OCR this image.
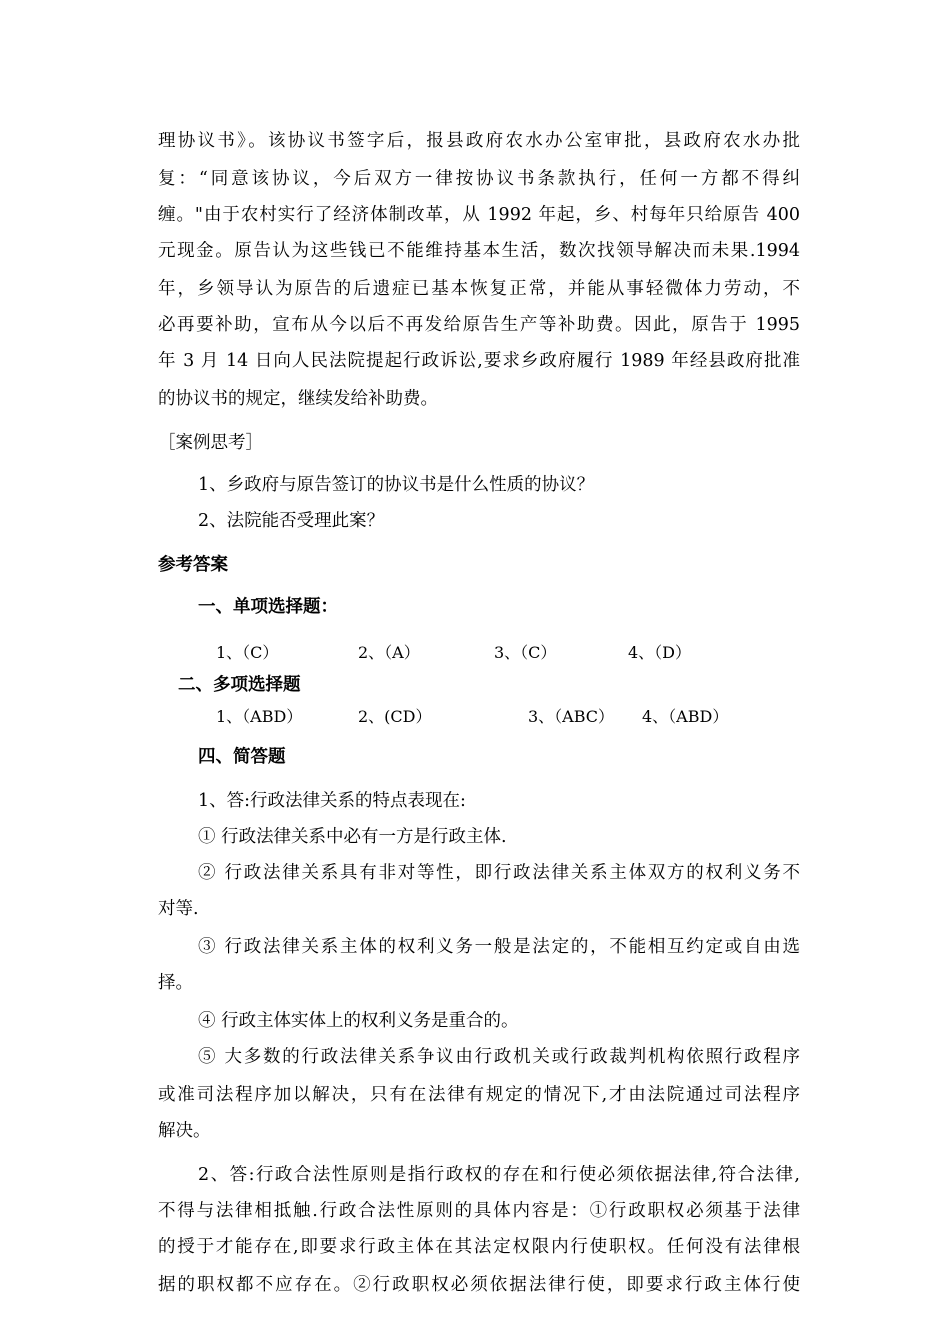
理协议书》。该协议书签字后，报县政府农水办公室审批，县政府农水办批
复：“同意该协议，今后双方一律按协议书条款执行，任何一方都不得纠
缠。"由于农村实行了经济体制改革，从 1992 年起，乡、村每年只给原告 400
元现金。原告认为这些钱已不能维持基本生活，数次找领导解决而未果.1994
年，乡领导认为原告的后遗症已基本恢复正常，并能从事轻微体力劳动，不
必再要补助，宣布从今以后不再发给原告生产等补助费。因此，原告于 1995
年 3 月 14 日向人民法院提起行政诉讼,要求乡政府履行 1989 年经县政府批准
的协议书的规定，继续发给补助费。
［案例思考］
1、乡政府与原告签订的协议书是什么性质的协议？
2、法院能否受理此案？
参考答案
一、单项选择题：
1、（C）	2、（A）	3、（C）	4、（D）
二、多项选择题
1、（ABD）	2、(CD）	3、（ABC） 4、（ABD）
四、简答题
1、答:行政法律关系的特点表现在:
① 行政法律关系中必有一方是行政主体.
② 行政法律关系具有非对等性，即行政法律关系主体双方的权利义务不
对等.
③ 行政法律关系主体的权利义务一般是法定的，不能相互约定或自由选
择。
④ 行政主体实体上的权利义务是重合的。
⑤ 大多数的行政法律关系争议由行政机关或行政裁判机构依照行政程序
或准司法程序加以解决，只有在法律有规定的情况下,才由法院通过司法程序
解决。
2、答:行政合法性原则是指行政权的存在和行使必须依据法律,符合法律,
不得与法律相抵触.行政合法性原则的具体内容是：①行政职权必须基于法律
的授于才能存在,即要求行政主体在其法定权限内行使职权。任何没有法律根
据的职权都不应存在。②行政职权必须依据法律行使，即要求行政主体行使
